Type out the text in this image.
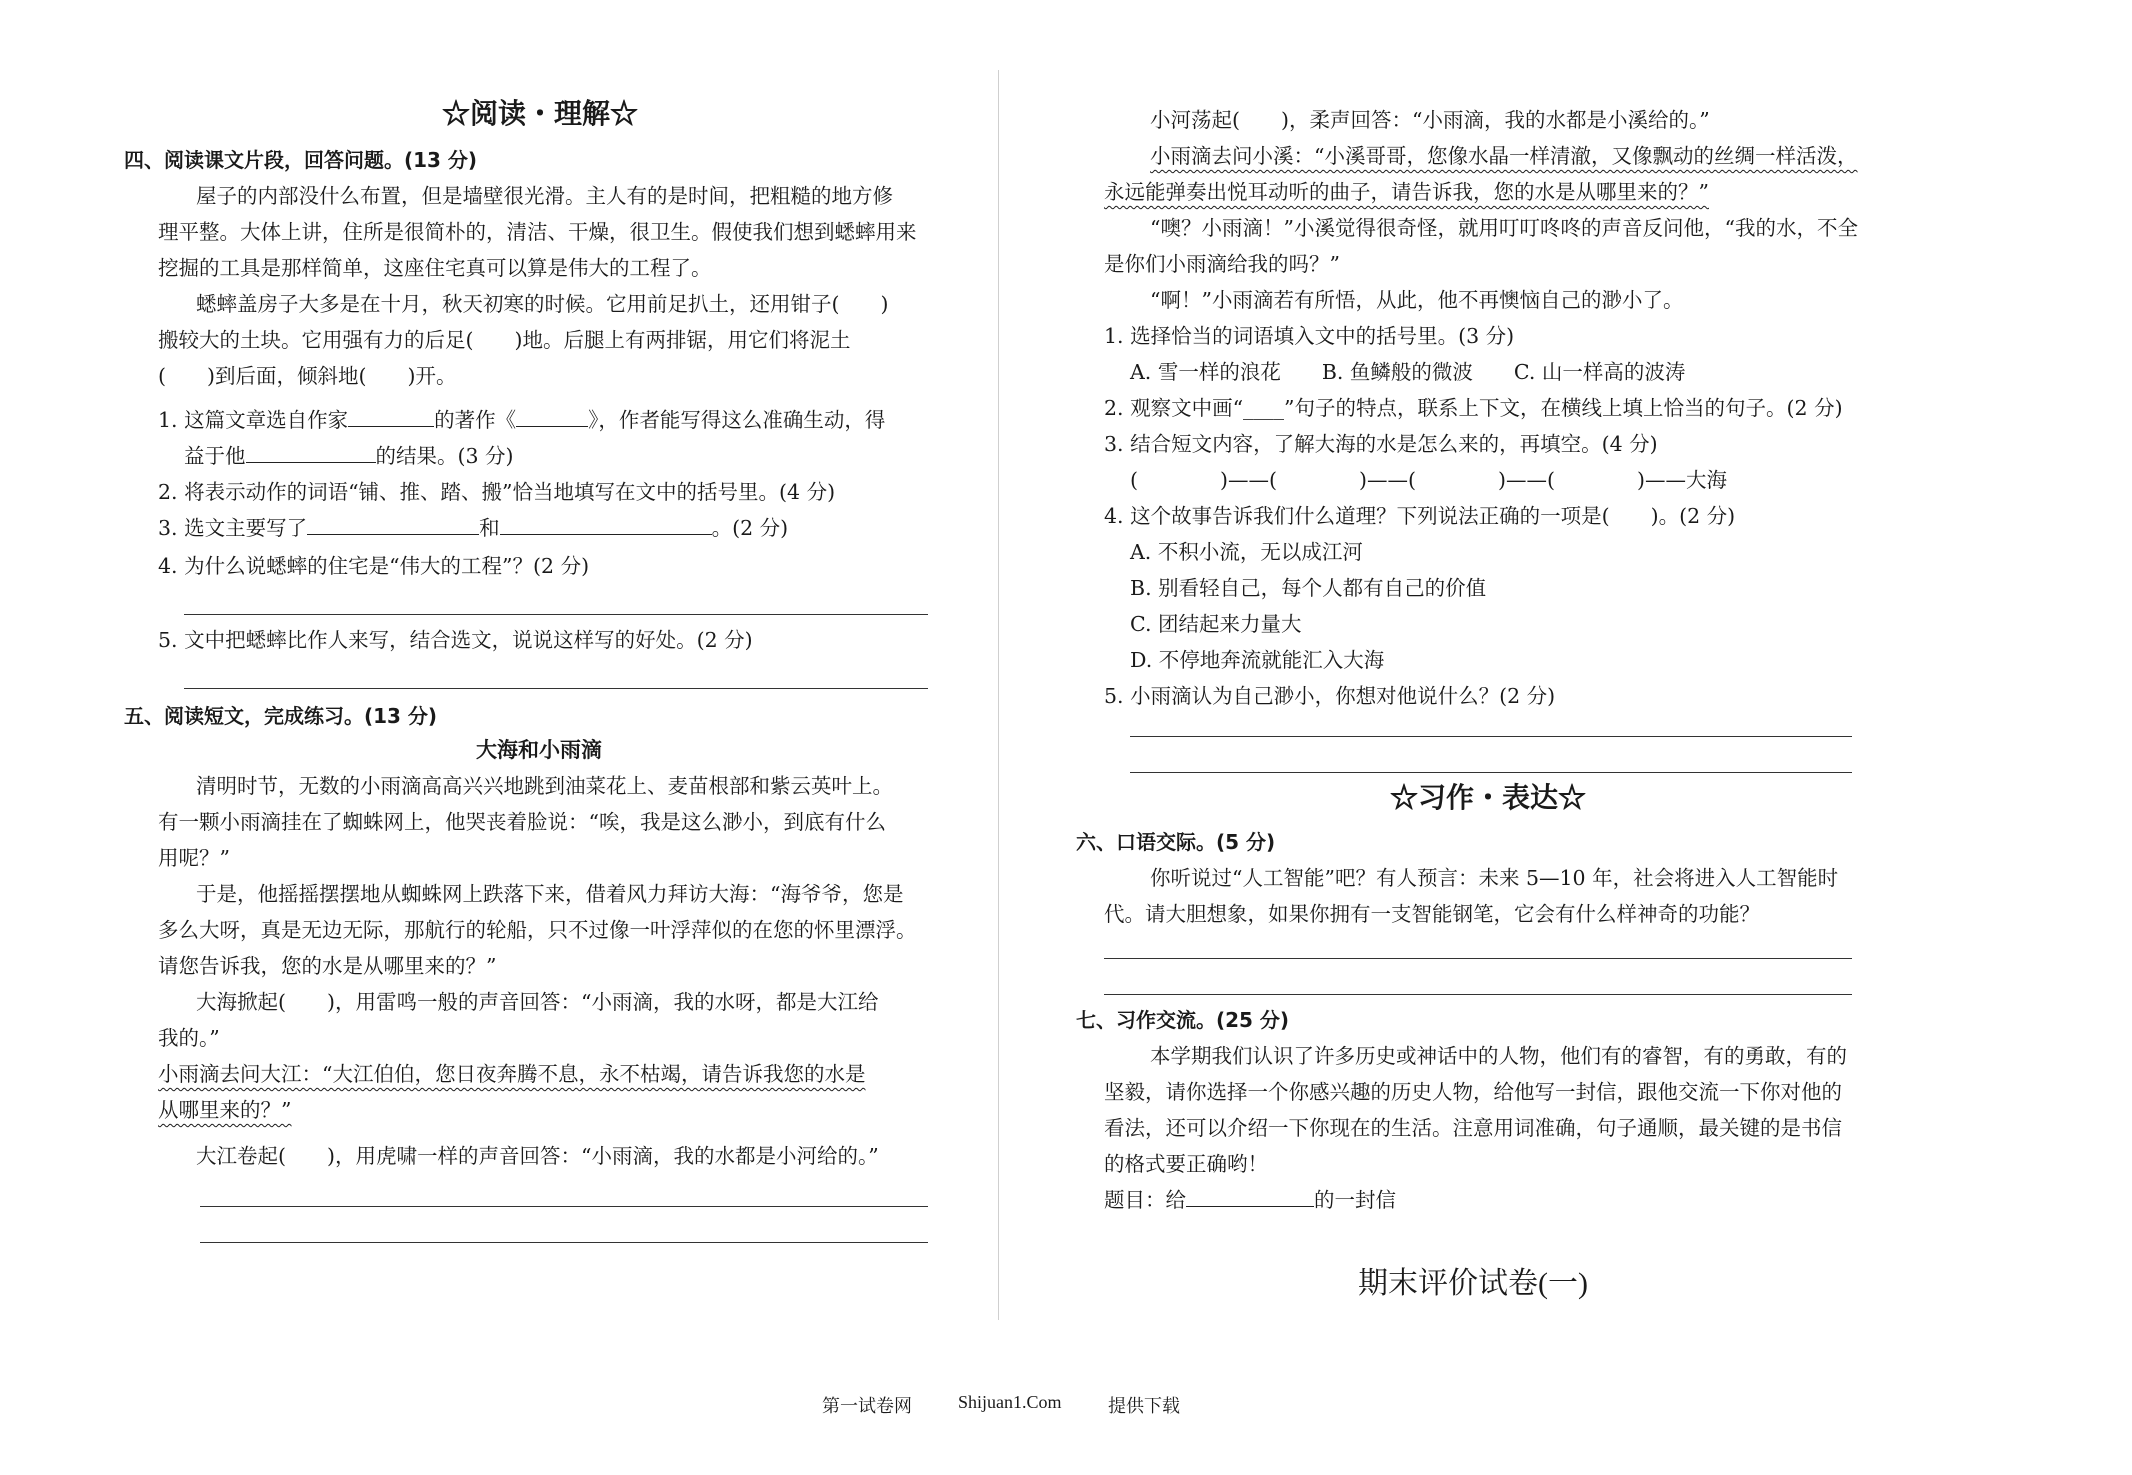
☆阅读・理解☆
四、阅读课文片段，回答问题。(13 分)
屋子的内部没什么布置，但是墙壁很光滑。主人有的是时间，把粗糙的地方修
理平整。大体上讲，住所是很简朴的，清洁、干燥，很卫生。假使我们想到蟋蟀用来
挖掘的工具是那样简单，这座住宅真可以算是伟大的工程了。
蟋蟀盖房子大多是在十月，秋天初寒的时候。它用前足扒土，还用钳子(　　)
搬较大的土块。它用强有力的后足(　　)地。后腿上有两排锯，用它们将泥土
(　　)到后面，倾斜地(　　)开。
1. 这篇文章选自作家	的著作《	》，作者能写得这么准确生动，得
益于他	的结果。(3 分)
2. 将表示动作的词语“铺、推、踏、搬”恰当地填写在文中的括号里。(4 分)
3. 选文主要写了	和	。(2 分)
4. 为什么说蟋蟀的住宅是“伟大的工程”？(2 分)
5. 文中把蟋蟀比作人来写，结合选文，说说这样写的好处。(2 分)
五、阅读短文，完成练习。(13 分)
大海和小雨滴
清明时节，无数的小雨滴高高兴兴地跳到油菜花上、麦苗根部和紫云英叶上。
有一颗小雨滴挂在了蜘蛛网上，他哭丧着脸说：“唉，我是这么渺小，到底有什么
用呢？”
于是，他摇摇摆摆地从蜘蛛网上跌落下来，借着风力拜访大海：“海爷爷，您是
多么大呀，真是无边无际，那航行的轮船，只不过像一叶浮萍似的在您的怀里漂浮。
请您告诉我，您的水是从哪里来的？”
大海掀起(　　)，用雷鸣一般的声音回答：“小雨滴，我的水呀，都是大江给
我的。”
小雨滴去问大江：“大江伯伯，您日夜奔腾不息，永不枯竭，请告诉我您的水是
从哪里来的？”
大江卷起(　　)，用虎啸一样的声音回答：“小雨滴，我的水都是小河给的。”
小河荡起(　　)，柔声回答：“小雨滴，我的水都是小溪给的。”
小雨滴去问小溪：“小溪哥哥，您像水晶一样清澈，又像飘动的丝绸一样活泼，
永远能弹奏出悦耳动听的曲子，请告诉我，您的水是从哪里来的？”
“噢？小雨滴！”小溪觉得很奇怪，就用叮叮咚咚的声音反问他，“我的水，不全
是你们小雨滴给我的吗？”
“啊！”小雨滴若有所悟，从此，他不再懊恼自己的渺小了。
1. 选择恰当的词语填入文中的括号里。(3 分)
A. 雪一样的浪花　　B. 鱼鳞般的微波　　C. 山一样高的波涛
2. 观察文中画“____”句子的特点，联系上下文，在横线上填上恰当的句子。(2 分)
3. 结合短文内容，了解大海的水是怎么来的，再填空。(4 分)
(　　　　)——(　　　　)——(　　　　)——(　　　　)——大海
4. 这个故事告诉我们什么道理？下列说法正确的一项是(　　)。(2 分)
A. 不积小流，无以成江河
B. 别看轻自己，每个人都有自己的价值
C. 团结起来力量大
D. 不停地奔流就能汇入大海
5. 小雨滴认为自己渺小，你想对他说什么？(2 分)
☆习作・表达☆
六、口语交际。(5 分)
你听说过“人工智能”吧？有人预言：未来 5—10 年，社会将进入人工智能时
代。请大胆想象，如果你拥有一支智能钢笔，它会有什么样神奇的功能？
七、习作交流。(25 分)
本学期我们认识了许多历史或神话中的人物，他们有的睿智，有的勇敢，有的
坚毅，请你选择一个你感兴趣的历史人物，给他写一封信，跟他交流一下你对他的
看法，还可以介绍一下你现在的生活。注意用词准确，句子通顺，最关键的是书信
的格式要正确哟！
题目：给	的一封信
期末评价试卷(一)
第一试卷网	Shijuan1.Com	提供下载
